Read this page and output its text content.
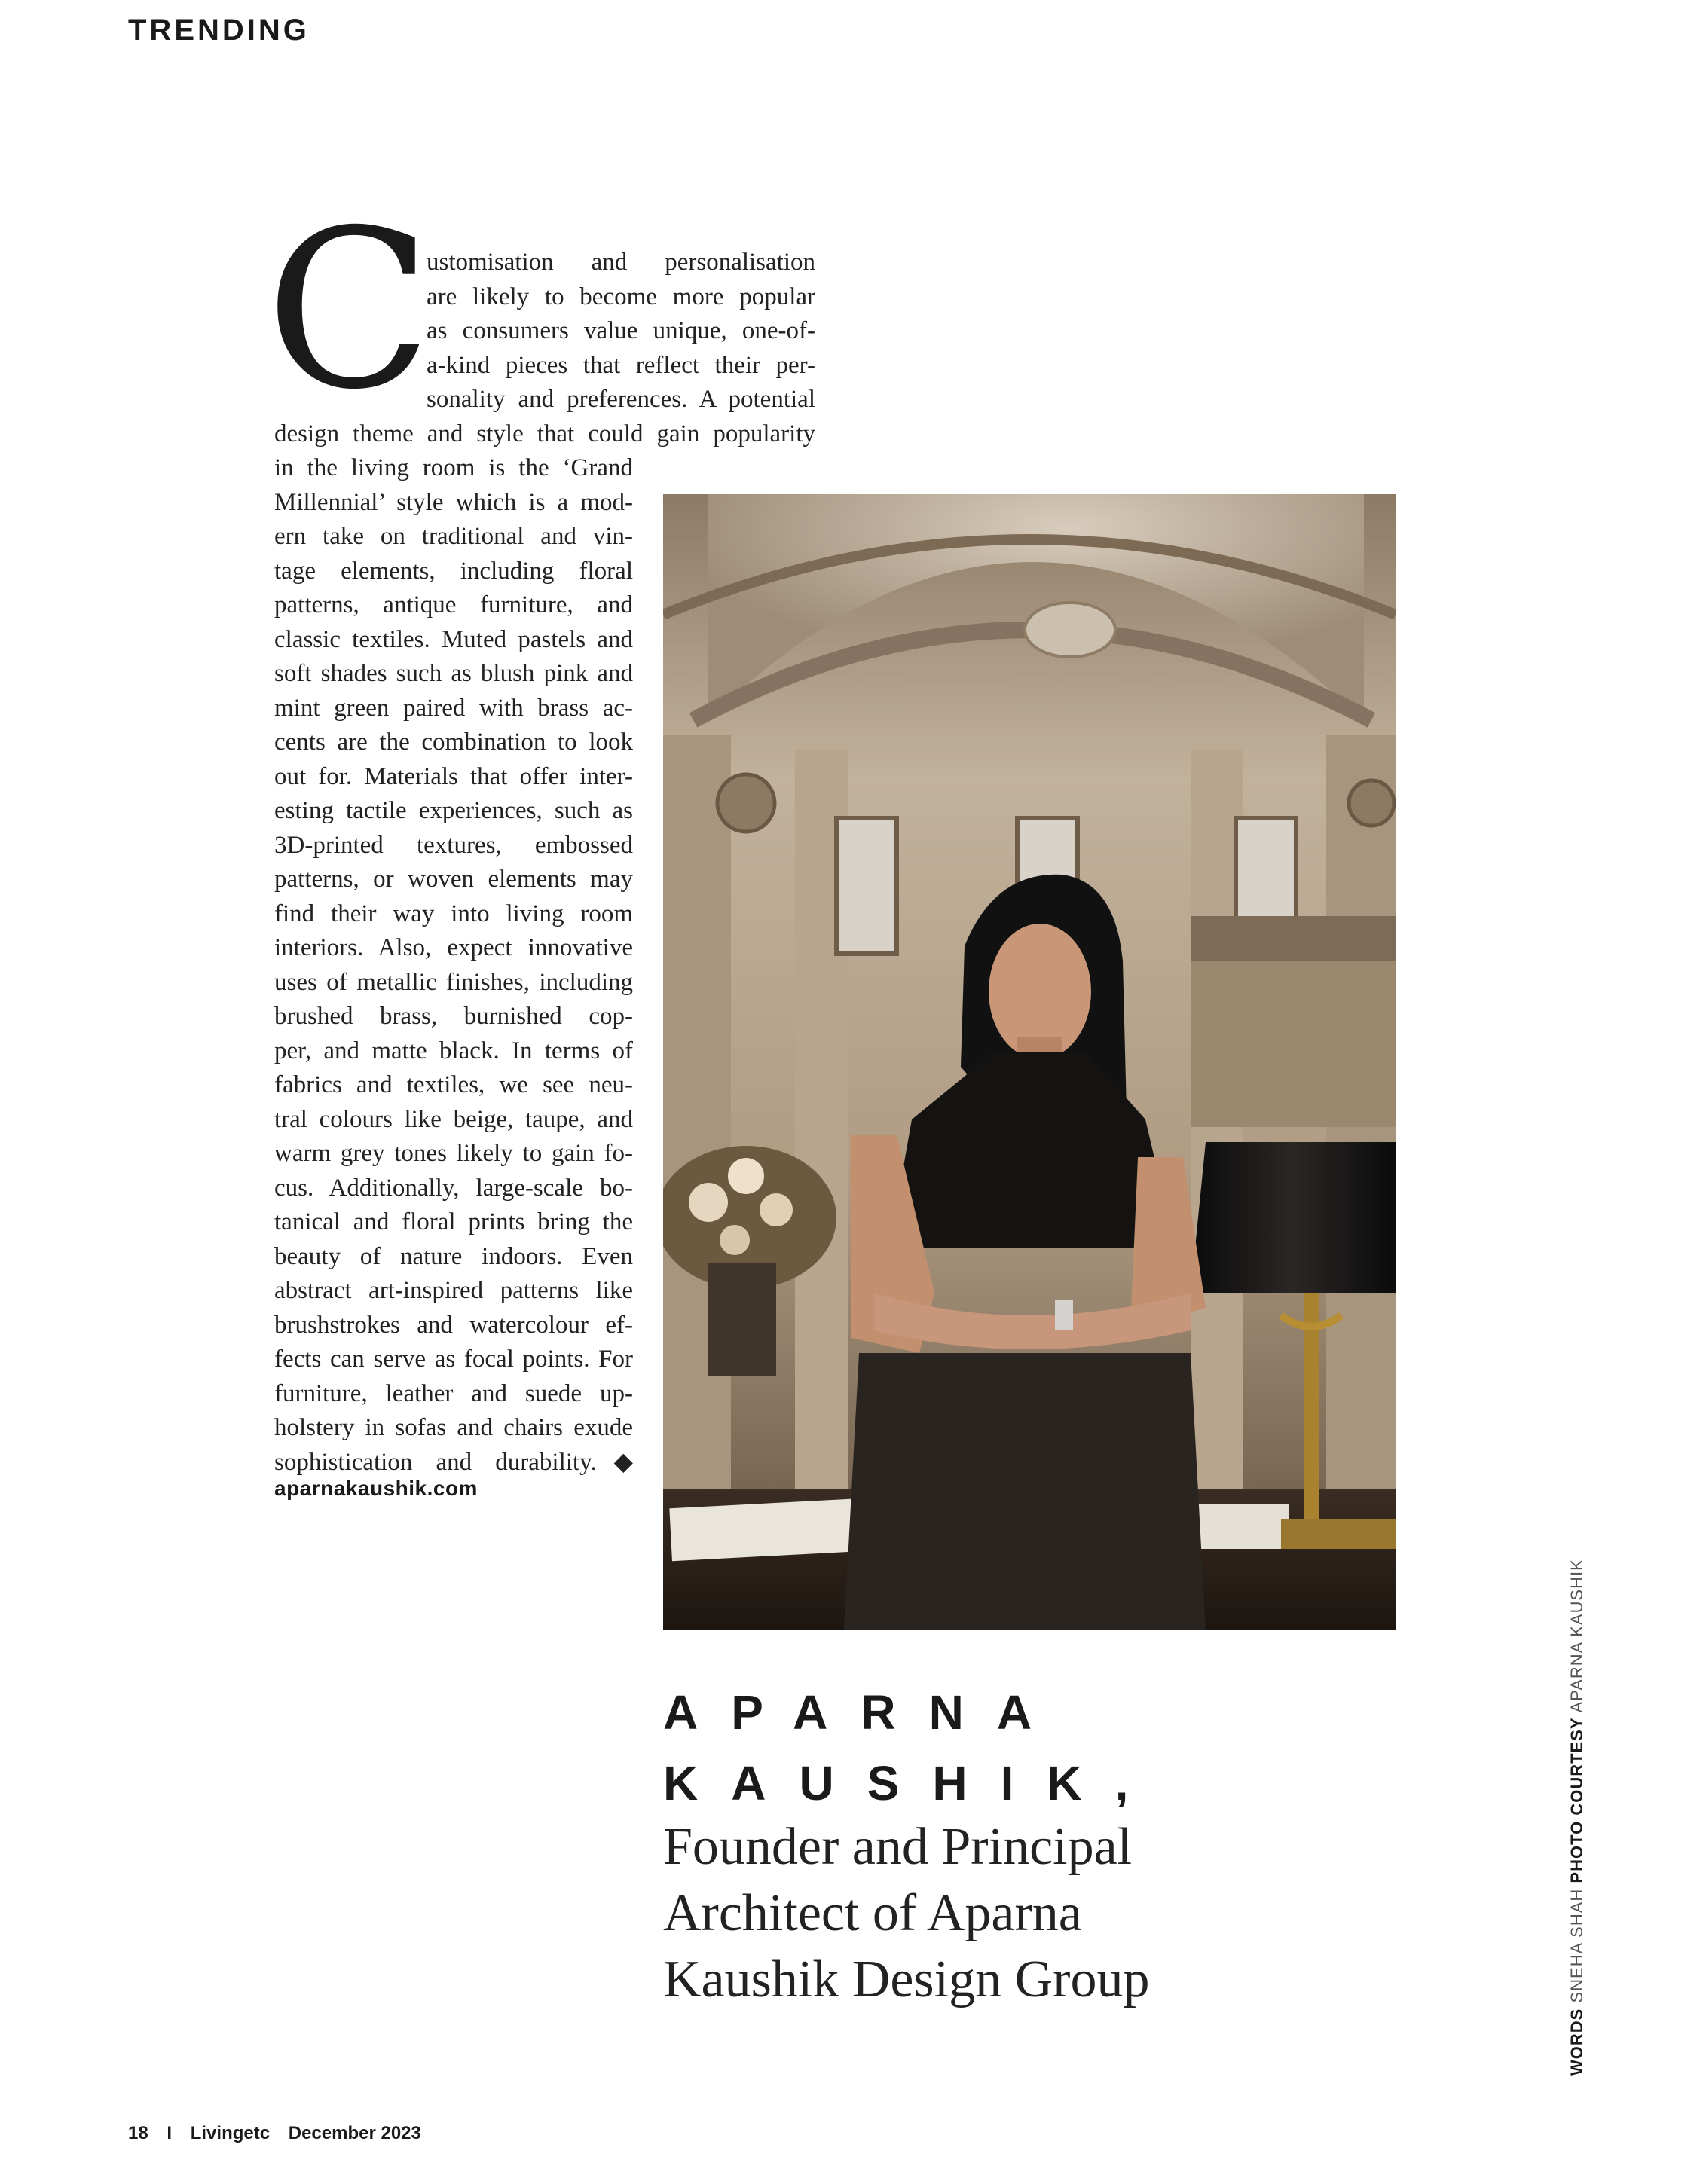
TRENDING
C
ustomisation and personalisation
are likely to become more popular
as consumers value unique, one-of-
a-kind pieces that reflect their per-
sonality and preferences. A potential
design theme and style that could gain popularity
in the living room is the ‘Grand
Millennial’ style which is a mod-
ern take on traditional and vin-
tage elements, including floral
patterns, antique furniture, and
classic textiles. Muted pastels and
soft shades such as blush pink and
mint green paired with brass ac-
cents are the combination to look
out for. Materials that offer inter-
esting tactile experiences, such as
3D-printed textures, embossed
patterns, or woven elements may
find their way into living room
interiors. Also, expect innovative
uses of metallic finishes, including
brushed brass, burnished cop-
per, and matte black. In terms of
fabrics and textiles, we see neu-
tral colours like beige, taupe, and
warm grey tones likely to gain fo-
cus. Additionally, large-scale bo-
tanical and floral prints bring the
beauty of nature indoors. Even
abstract art-inspired patterns like
brushstrokes and watercolour ef-
fects can serve as focal points. For
furniture, leather and suede up-
holstery in sofas and chairs exude
sophistication and durability.◆
aparnakaushik.com
APARNA
KAUSHIK,
Founder and Principal
Architect of Aparna
Kaushik Design Group
WORDS SNEHA SHAH PHOTO COURTESY APARNA KAUSHIK
18 I Livingetc December 2023
